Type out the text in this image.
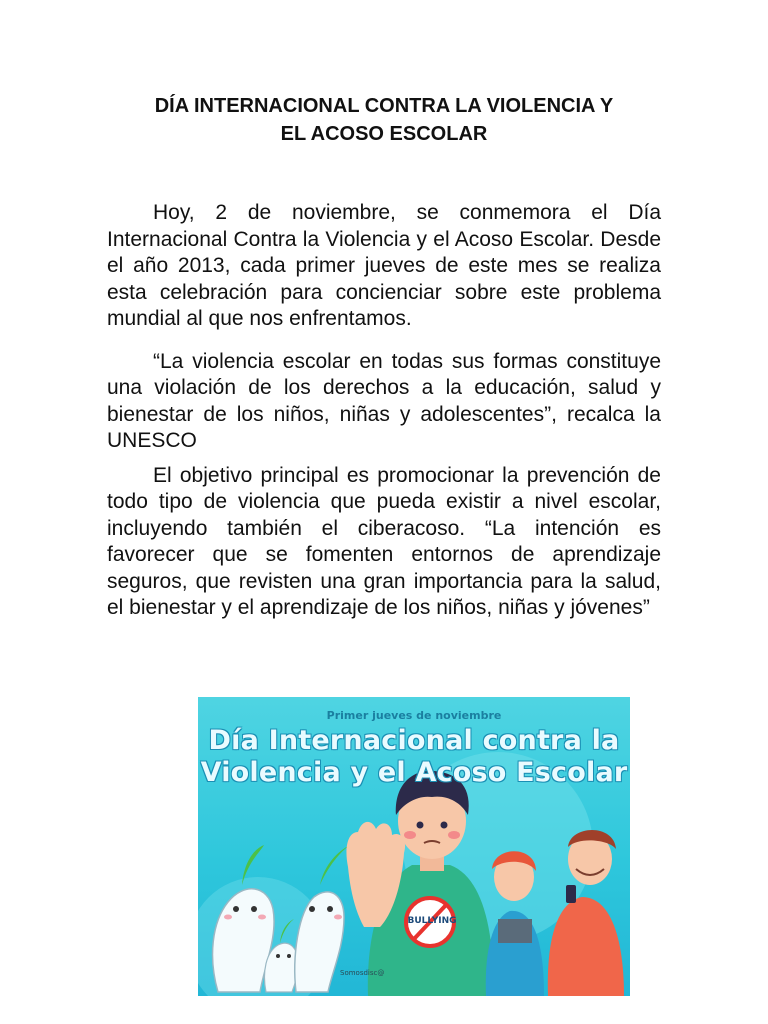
DÍA INTERNACIONAL CONTRA LA VIOLENCIA Y
EL ACOSO ESCOLAR

Hoy, 2 de noviembre, se conmemora el Día Internacional Contra la Violencia y el Acoso Escolar. Desde el año 2013, cada primer jueves de este mes se realiza esta celebración para concienciar sobre este problema mundial al que nos enfrentamos.

“La violencia escolar en todas sus formas constituye una violación de los derechos a la educación, salud y bienestar de los niños, niñas y adolescentes”, recalca la UNESCO

El objetivo principal es promocionar la prevención de todo tipo de violencia que pueda existir a nivel escolar, incluyendo también el ciberacoso. “La intención es favorecer que se fomenten entornos de aprendizaje seguros, que revisten una gran importancia para la salud, el bienestar y el aprendizaje de los niños, niñas y jóvenes”

Primer jueves de noviembre
Día Internacional contra la
Violencia y el Acoso Escolar
BULLYING
Somosdisc@
